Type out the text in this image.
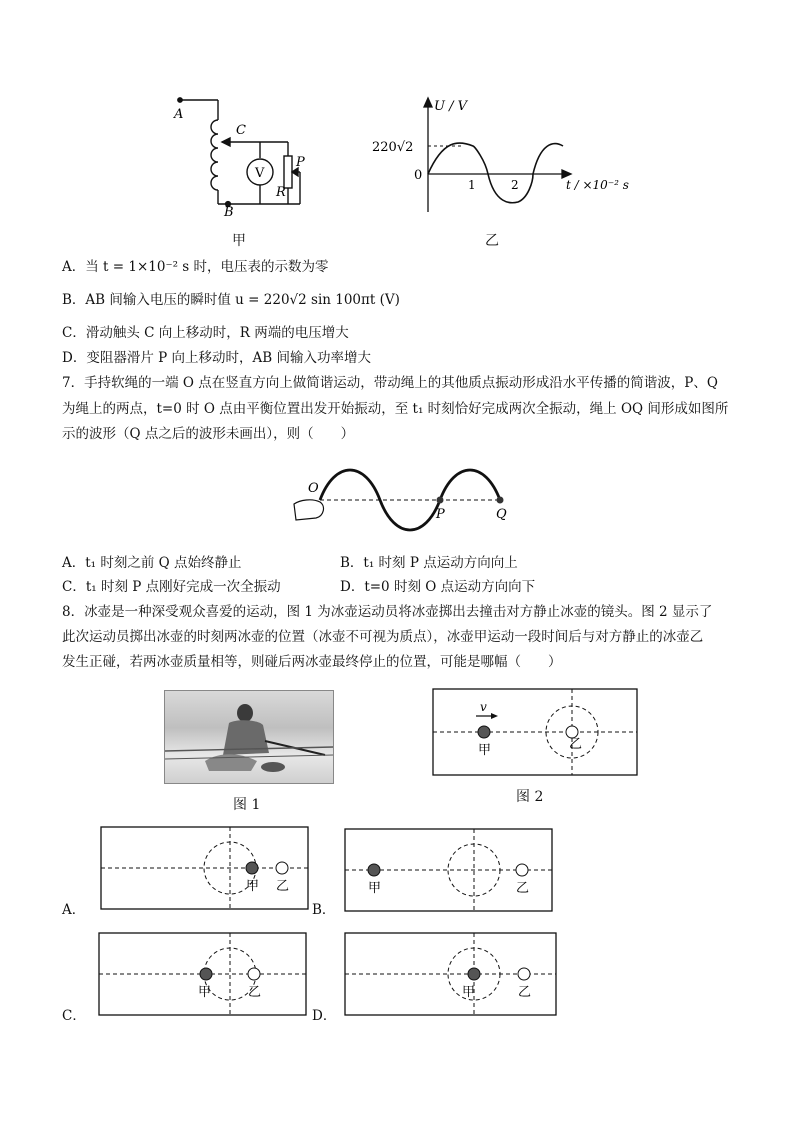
A
B
C
V
R
P
甲
U / V
220√2
0
1	2	t / ×10⁻² s
乙
A．当 t = 1×10⁻² s 时，电压表的示数为零
B．AB 间输入电压的瞬时值 u = 220√2 sin 100πt (V)
C．滑动触头 C 向上移动时，R 两端的电压增大
D．变阻器滑片 P 向上移动时，AB 间输入功率增大
7．手持软绳的一端 O 点在竖直方向上做简谐运动，带动绳上的其他质点振动形成沿水平传播的简谐波，P、Q
为绳上的两点，t=0 时 O 点由平衡位置出发开始振动，至 t₁ 时刻恰好完成两次全振动，绳上 OQ 间形成如图所
示的波形（Q 点之后的波形未画出），则（　　）
O
P	Q
A．t₁ 时刻之前 Q 点始终静止	B．t₁ 时刻 P 点运动方向向上
C．t₁ 时刻 P 点刚好完成一次全振动	D．t=0 时刻 O 点运动方向向下
8．冰壶是一种深受观众喜爱的运动，图 1 为冰壶运动员将冰壶掷出去撞击对方静止冰壶的镜头。图 2 显示了
此次运动员掷出冰壶的时刻两冰壶的位置（冰壶不可视为质点），冰壶甲运动一段时间后与对方静止的冰壶乙
发生正碰，若两冰壶质量相等，则碰后两冰壶最终停止的位置，可能是哪幅（　　）
图 1
v
甲	乙
图 2
A．
甲 乙
B．
甲	乙
C．
甲	乙
D．
甲	乙
